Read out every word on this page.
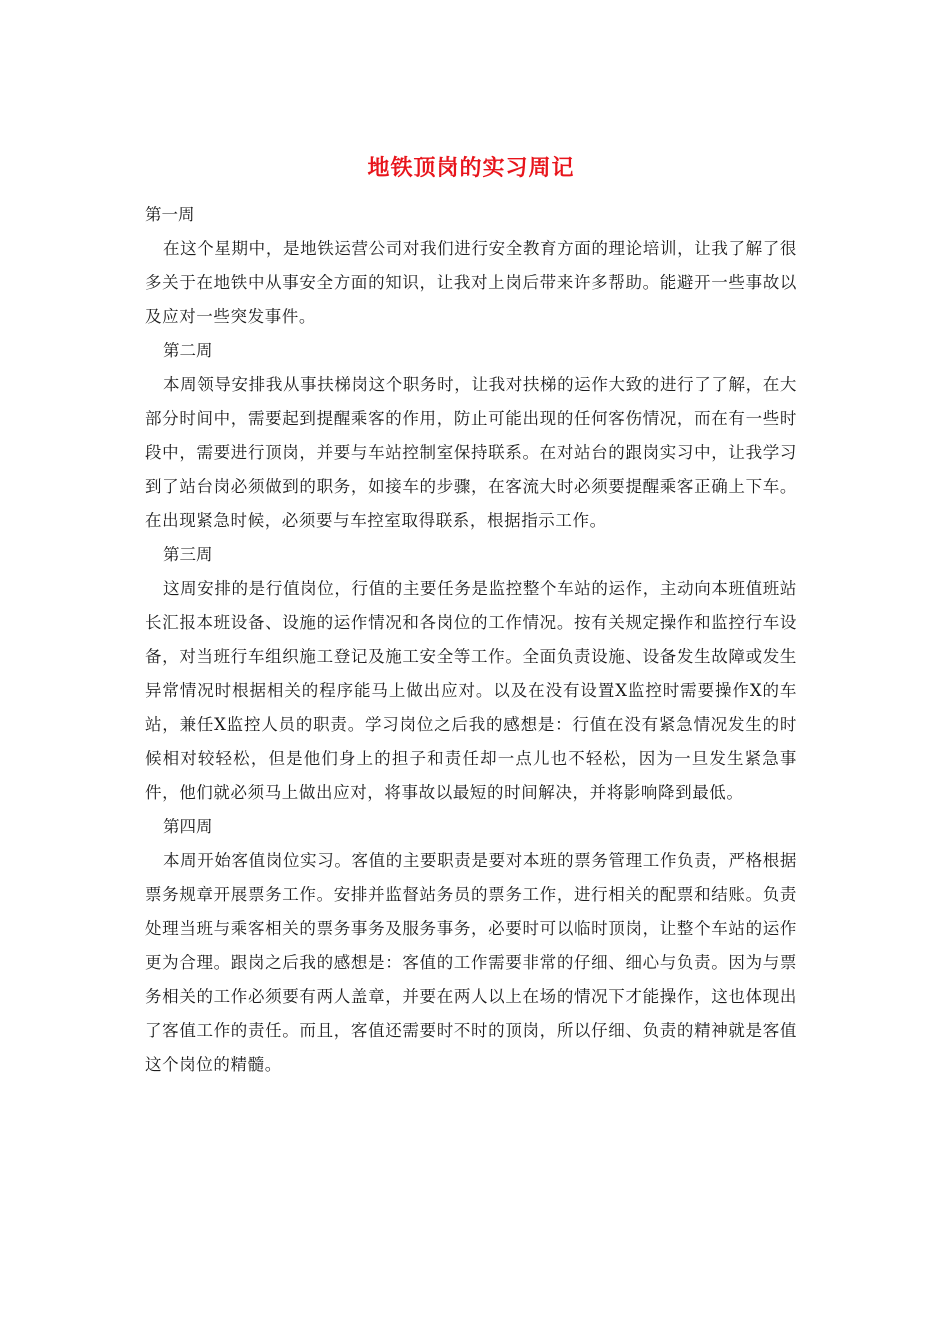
地铁顶岗的实习周记

第一周

在这个星期中，是地铁运营公司对我们进行安全教育方面的理论培训，让我了解了很多关于在地铁中从事安全方面的知识，让我对上岗后带来许多帮助。能避开一些事故以及应对一些突发事件。

第二周

本周领导安排我从事扶梯岗这个职务时，让我对扶梯的运作大致的进行了了解，在大部分时间中，需要起到提醒乘客的作用，防止可能出现的任何客伤情况，而在有一些时段中，需要进行顶岗，并要与车站控制室保持联系。在对站台的跟岗实习中，让我学习到了站台岗必须做到的职务，如接车的步骤，在客流大时必须要提醒乘客正确上下车。在出现紧急时候，必须要与车控室取得联系，根据指示工作。

第三周

这周安排的是行值岗位，行值的主要任务是监控整个车站的运作，主动向本班值班站长汇报本班设备、设施的运作情况和各岗位的工作情况。按有关规定操作和监控行车设备，对当班行车组织施工登记及施工安全等工作。全面负责设施、设备发生故障或发生异常情况时根据相关的程序能马上做出应对。以及在没有设置X监控时需要操作X的车站，兼任X监控人员的职责。学习岗位之后我的感想是：行值在没有紧急情况发生的时候相对较轻松，但是他们身上的担子和责任却一点儿也不轻松，因为一旦发生紧急事件，他们就必须马上做出应对，将事故以最短的时间解决，并将影响降到最低。

第四周

本周开始客值岗位实习。客值的主要职责是要对本班的票务管理工作负责，严格根据票务规章开展票务工作。安排并监督站务员的票务工作，进行相关的配票和结账。负责处理当班与乘客相关的票务事务及服务事务，必要时可以临时顶岗，让整个车站的运作更为合理。跟岗之后我的感想是：客值的工作需要非常的仔细、细心与负责。因为与票务相关的工作必须要有两人盖章，并要在两人以上在场的情况下才能操作，这也体现出了客值工作的责任。而且，客值还需要时不时的顶岗，所以仔细、负责的精神就是客值这个岗位的精髓。
